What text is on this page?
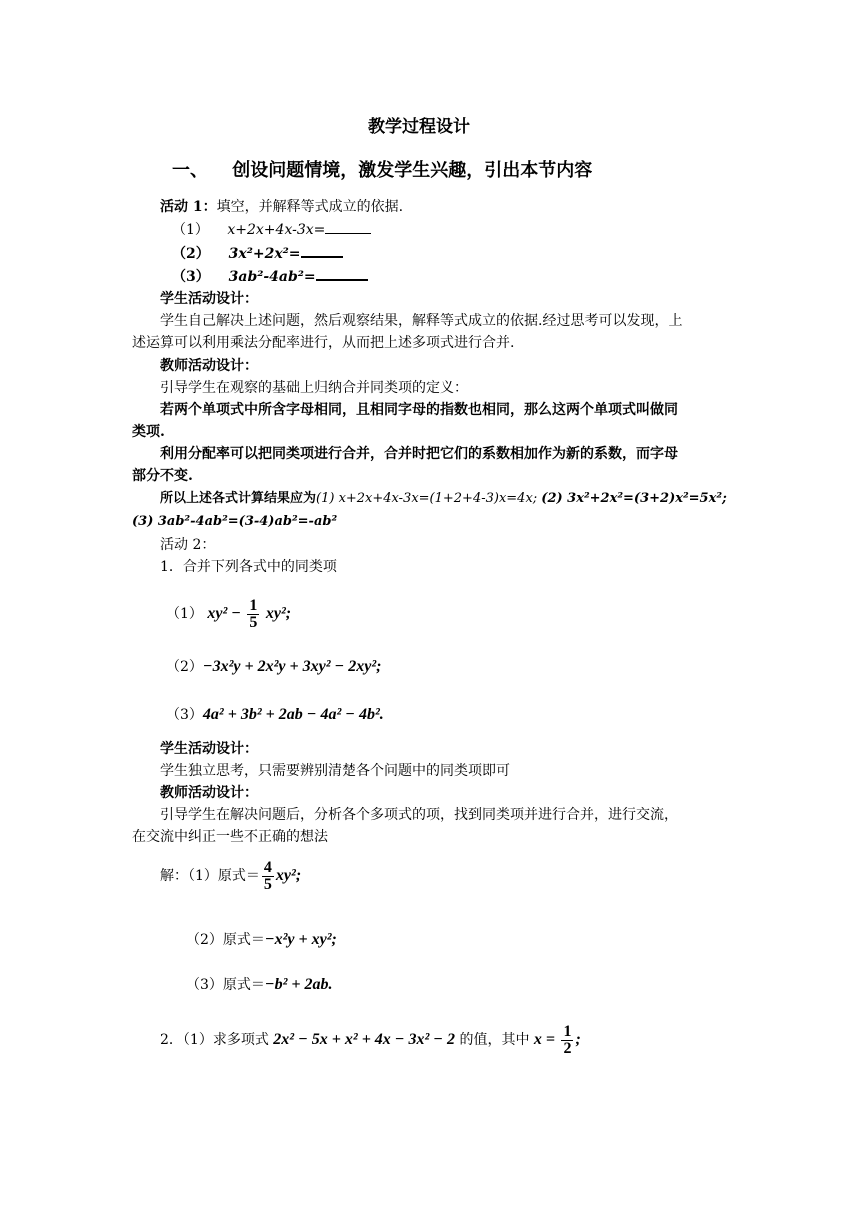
教学过程设计
一、 创设问题情境，激发学生兴趣，引出本节内容
活动 1：填空，并解释等式成立的依据.
（1） x+2x+4x-3x=
（2） 3x²+2x²=
（3） 3ab²-4ab²=
学生活动设计：
学生自己解决上述问题，然后观察结果，解释等式成立的依据.经过思考可以发现，上
述运算可以利用乘法分配率进行，从而把上述多项式进行合并.
教师活动设计：
引导学生在观察的基础上归纳合并同类项的定义：
若两个单项式中所含字母相同，且相同字母的指数也相同，那么这两个单项式叫做同
类项.
利用分配率可以把同类项进行合并，合并时把它们的系数相加作为新的系数，而字母
部分不变.
所以上述各式计算结果应为(1) x+2x+4x-3x=(1+2+4-3)x=4x; (2) 3x²+2x²=(3+2)x²=5x²;
(3) 3ab²-4ab²=(3-4)ab²=-ab²
活动 2：
1．合并下列各式中的同类项
（1） $xy^2 - \frac{1}{5} xy^2$;
（2）−3x²y + 2x²y + 3xy² − 2xy²;
（3）4a² + 3b² + 2ab − 4a² − 4b².
学生活动设计：
学生独立思考，只需要辨别清楚各个问题中的同类项即可
教师活动设计：
引导学生在解决问题后，分析各个多项式的项，找到同类项并进行合并，进行交流，
在交流中纠正一些不正确的想法
解：（1）原式＝ $\frac{4}{5} xy^2$;
（2）原式＝−x²y + xy²;
（3）原式＝−b² + 2ab.
2．（1）求多项式 2x² − 5x + x² + 4x − 3x² − 2 的值，其中 $x = \frac{1}{2}$ ;
